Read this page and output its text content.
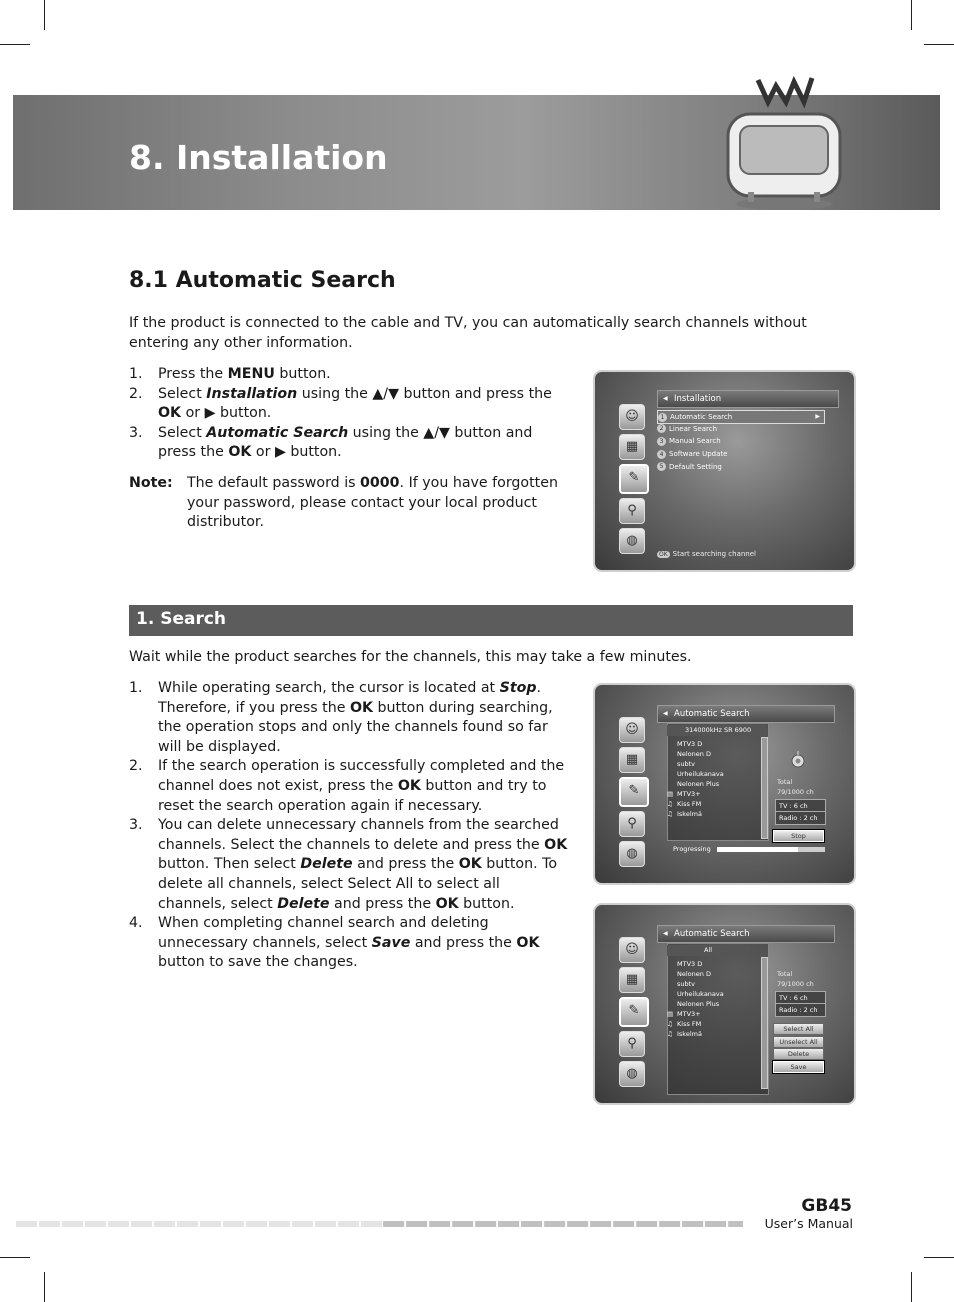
8. Installation
8.1 Automatic Search

If the product is connected to the cable and TV, you can automatically search channels without entering any other information.

1. Press the MENU button.
2. Select Installation using the ▲/▼ button and press the OK or ▶ button.
3. Select Automatic Search using the ▲/▼ button and press the OK or ▶ button.
Note: The default password is 0000. If you have forgotten your password, please contact your local product distributor.
☺
▦
✎
⚲
◍
◀ Installation
1 Automatic Search	▶
2 Linear Search
3 Manual Search
4 Software Update
5 Default Setting
OK Start searching channel
1. Search

Wait while the product searches for the channels, this may take a few minutes.

1. While operating search, the cursor is located at Stop. Therefore, if you press the OK button during searching, the operation stops and only the channels found so far will be displayed.
2. If the search operation is successfully completed and the channel does not exist, press the OK button and try to reset the search operation again if necessary.
3. You can delete unnecessary channels from the searched channels. Select the channels to delete and press the OK button. Then select Delete and press the OK button. To delete all channels, select Select All to select all channels, select Delete and press the OK button.
4. When completing channel search and deleting unnecessary channels, select Save and press the OK button to save the changes.
☺
▦
✎
⚲
◍
◀ Automatic Search
314000kHz SR 6900
MTV3 D
Nelonen D
subtv
Urheilukanava
Nelonen Plus
▤ MTV3+
♫ Kiss FM
♫ Iskelmä
Total
79/1000 ch
TV : 6 ch
Radio : 2 ch
Stop
Progressing
☺
▦
✎
⚲
◍
◀ Automatic Search
All
MTV3 D
Nelonen D
subtv
Urheilukanava
Nelonen Plus
▤ MTV3+
♫ Kiss FM
♫ Iskelmä
Total
79/1000 ch
TV : 6 ch
Radio : 2 ch
Select All
Unselect All
Delete
Save
GB45
User’s Manual
